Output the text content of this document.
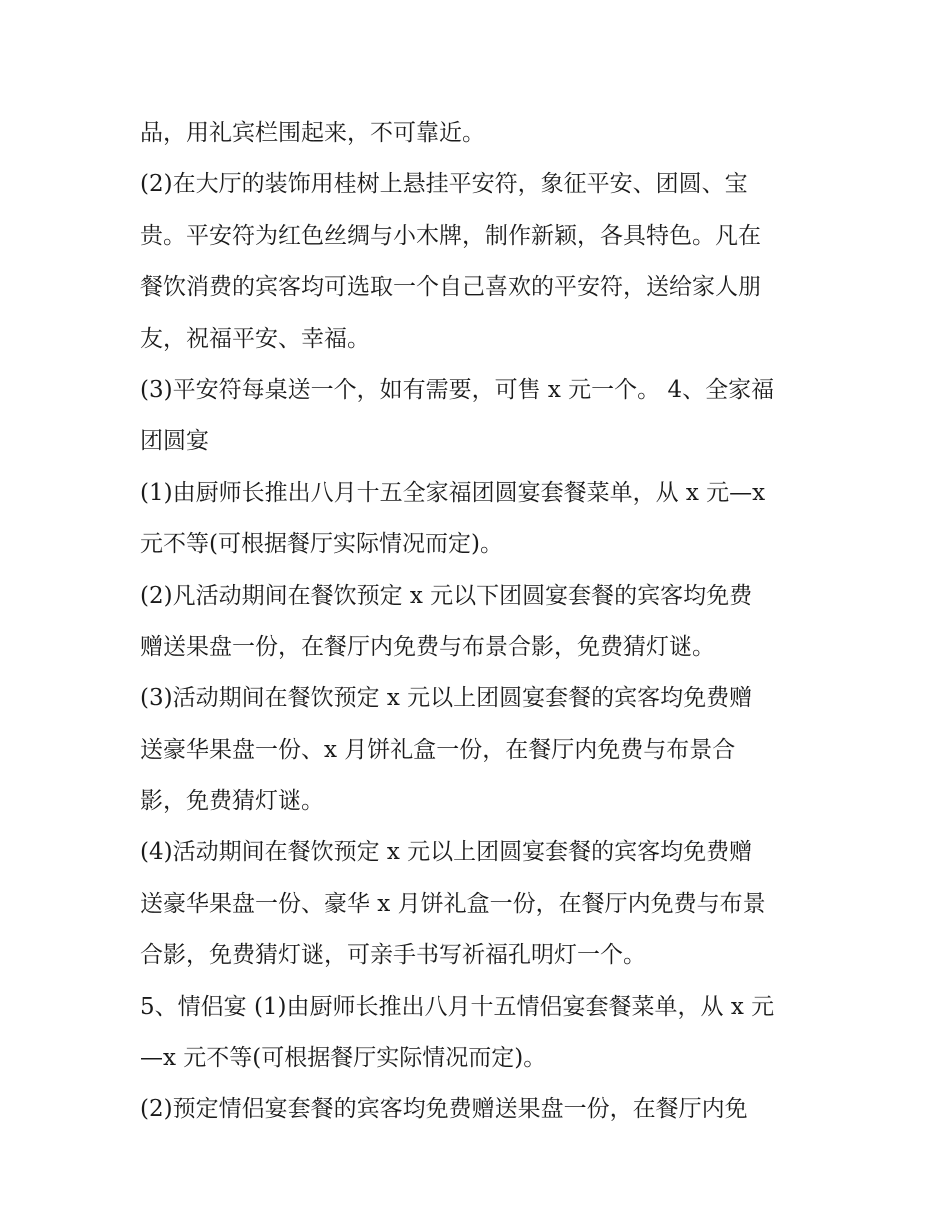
品，用礼宾栏围起来，不可靠近。
(2)在大厅的装饰用桂树上悬挂平安符，象征平安、团圆、宝
贵。平安符为红色丝绸与小木牌，制作新颖，各具特色。凡在
餐饮消费的宾客均可选取一个自己喜欢的平安符，送给家人朋
友，祝福平安、幸福。
(3)平安符每桌送一个，如有需要，可售 x 元一个。 4、全家福
团圆宴
(1)由厨师长推出八月十五全家福团圆宴套餐菜单，从 x 元—x
元不等(可根据餐厅实际情况而定)。
(2)凡活动期间在餐饮预定 x 元以下团圆宴套餐的宾客均免费
赠送果盘一份，在餐厅内免费与布景合影，免费猜灯谜。
(3)活动期间在餐饮预定 x 元以上团圆宴套餐的宾客均免费赠
送豪华果盘一份、x 月饼礼盒一份，在餐厅内免费与布景合
影，免费猜灯谜。
(4)活动期间在餐饮预定 x 元以上团圆宴套餐的宾客均免费赠
送豪华果盘一份、豪华 x 月饼礼盒一份，在餐厅内免费与布景
合影，免费猜灯谜，可亲手书写祈福孔明灯一个。
5、情侣宴 (1)由厨师长推出八月十五情侣宴套餐菜单，从 x 元
—x 元不等(可根据餐厅实际情况而定)。
(2)预定情侣宴套餐的宾客均免费赠送果盘一份，在餐厅内免
